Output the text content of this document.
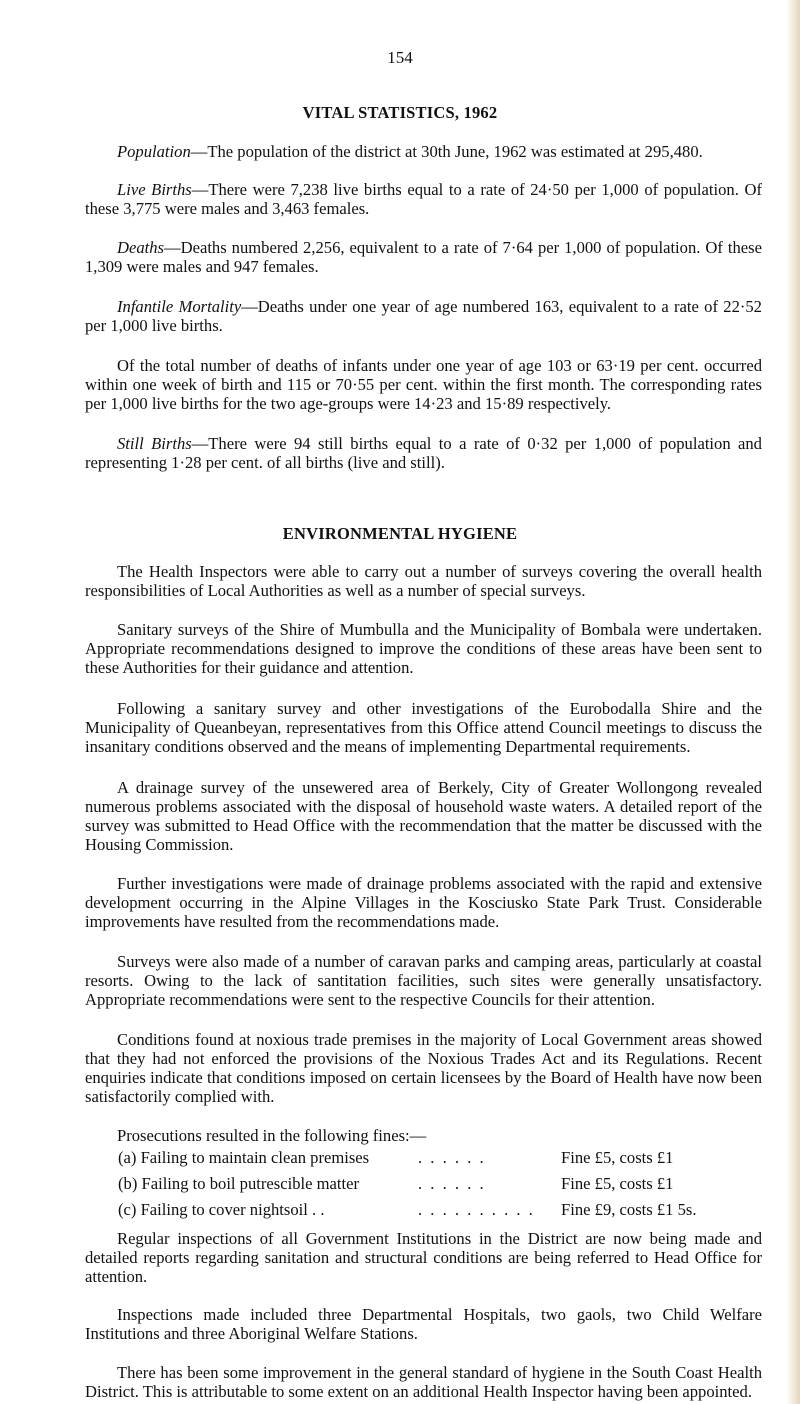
154
VITAL STATISTICS, 1962

Population—The population of the district at 30th June, 1962 was estimated at 295,480.

Live Births—There were 7,238 live births equal to a rate of 24·50 per 1,000 of population. Of these 3,775 were males and 3,463 females.

Deaths—Deaths numbered 2,256, equivalent to a rate of 7·64 per 1,000 of population. Of these 1,309 were males and 947 females.

Infantile Mortality—Deaths under one year of age numbered 163, equivalent to a rate of 22·52 per 1,000 live births.

Of the total number of deaths of infants under one year of age 103 or 63·19 per cent. occurred within one week of birth and 115 or 70·55 per cent. within the first month. The corresponding rates per 1,000 live births for the two age-groups were 14·23 and 15·89 respectively.

Still Births—There were 94 still births equal to a rate of 0·32 per 1,000 of population and representing 1·28 per cent. of all births (live and still).

ENVIRONMENTAL HYGIENE

The Health Inspectors were able to carry out a number of surveys covering the overall health responsibilities of Local Authorities as well as a number of special surveys.

Sanitary surveys of the Shire of Mumbulla and the Municipality of Bombala were undertaken. Appropriate recommendations designed to improve the conditions of these areas have been sent to these Authorities for their guidance and attention.

Following a sanitary survey and other investigations of the Eurobodalla Shire and the Municipality of Queanbeyan, representatives from this Office attend Council meetings to discuss the insanitary conditions observed and the means of implementing Departmental requirements.

A drainage survey of the unsewered area of Berkely, City of Greater Wollongong revealed numerous problems associated with the disposal of household waste waters. A detailed report of the survey was submitted to Head Office with the recommendation that the matter be discussed with the Housing Commission.

Further investigations were made of drainage problems associated with the rapid and extensive development occurring in the Alpine Villages in the Kosciusko State Park Trust. Considerable improvements have resulted from the recommendations made.

Surveys were also made of a number of caravan parks and camping areas, particularly at coastal resorts. Owing to the lack of santitation facilities, such sites were generally unsatisfactory. Appropriate recommendations were sent to the respective Councils for their attention.

Conditions found at noxious trade premises in the majority of Local Government areas showed that they had not enforced the provisions of the Noxious Trades Act and its Regulations. Recent enquiries indicate that conditions imposed on certain licensees by the Board of Health have now been satisfactorily complied with.

Prosecutions resulted in the following fines:—

(a) Failing to maintain clean premises	. . . . . .	Fine £5, costs £1
(b) Failing to boil putrescible matter	. . . . . .	Fine £5, costs £1
(c) Failing to cover nightsoil . .	. . . . . . . . . .	Fine £9, costs £1 5s.

Regular inspections of all Government Institutions in the District are now being made and detailed reports regarding sanitation and structural conditions are being referred to Head Office for attention.

Inspections made included three Departmental Hospitals, two gaols, two Child Welfare Institutions and three Aboriginal Welfare Stations.

There has been some improvement in the general standard of hygiene in the South Coast Health District. This is attributable to some extent on an additional Health Inspector having been appointed.
